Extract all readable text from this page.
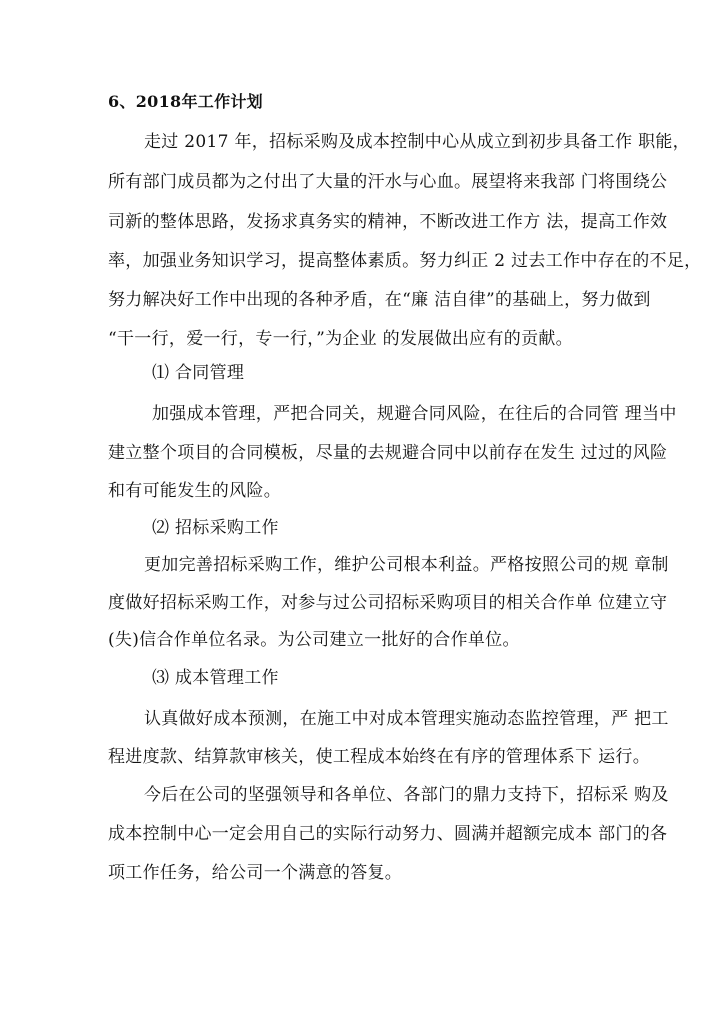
6、2018年工作计划
走过 2017 年，招标采购及成本控制中心从成立到初步具备工作 职能，
所有部门成员都为之付出了大量的汗水与心血。展望将来我部 门将围绕公
司新的整体思路，发扬求真务实的精神，不断改进工作方 法，提高工作效
率，加强业务知识学习，提高整体素质。努力纠正 2 过去工作中存在的不足，
努力解决好工作中出现的各种矛盾，在“廉 洁自律”的基础上，努力做到
“干一行，爱一行，专一行，”为企业 的发展做出应有的贡献。
⑴ 合同管理
加强成本管理，严把合同关，规避合同风险，在往后的合同管 理当中
建立整个项目的合同模板，尽量的去规避合同中以前存在发生 过过的风险
和有可能发生的风险。
⑵ 招标采购工作
更加完善招标采购工作，维护公司根本利益。严格按照公司的规 章制
度做好招标采购工作，对参与过公司招标采购项目的相关合作单 位建立守
(失)信合作单位名录。为公司建立一批好的合作单位。
⑶ 成本管理工作
认真做好成本预测，在施工中对成本管理实施动态监控管理，严 把工
程进度款、结算款审核关，使工程成本始终在有序的管理体系下 运行。
今后在公司的坚强领导和各单位、各部门的鼎力支持下，招标采 购及
成本控制中心一定会用自己的实际行动努力、圆满并超额完成本 部门的各
项工作任务，给公司一个满意的答复。
